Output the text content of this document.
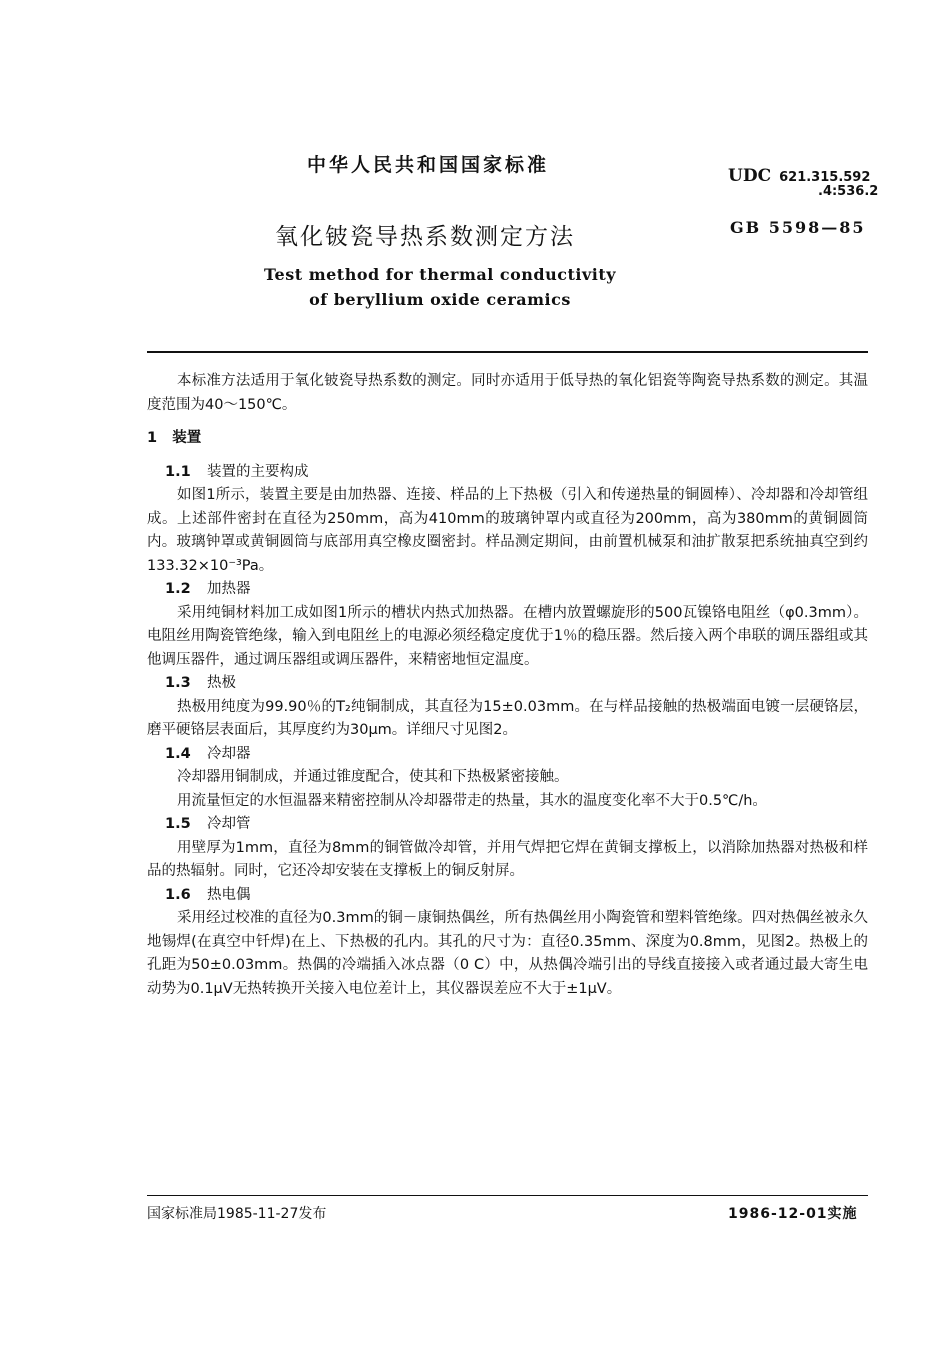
中华人民共和国国家标准	UDC 621.315.592
.4:536.2
氧化铍瓷导热系数测定方法	GB 5598—85
Test method for thermal conductivity
of beryllium oxide ceramics

本标准方法适用于氧化铍瓷导热系数的测定。同时亦适用于低导热的氧化铝瓷等陶瓷导热系数的测定。其温度范围为40～150℃。

1 装置

1.1 装置的主要构成

如图1所示，装置主要是由加热器、连接、样品的上下热极（引入和传递热量的铜圆棒）、冷却器和冷却管组成。上述部件密封在直径为250mm，高为410mm的玻璃钟罩内或直径为200mm，高为380mm的黄铜圆筒内。玻璃钟罩或黄铜圆筒与底部用真空橡皮圈密封。样品测定期间，由前置机械泵和油扩散泵把系统抽真空到约133.32×10⁻³Pa。

1.2 加热器

采用纯铜材料加工成如图1所示的槽状内热式加热器。在槽内放置螺旋形的500瓦镍铬电阻丝（φ0.3mm）。电阻丝用陶瓷管绝缘，输入到电阻丝上的电源必须经稳定度优于1％的稳压器。然后接入两个串联的调压器组或其他调压器件，通过调压器组或调压器件，来精密地恒定温度。

1.3 热极

热极用纯度为99.90％的T₂纯铜制成，其直径为15±0.03mm。在与样品接触的热极端面电镀一层硬铬层，磨平硬铬层表面后，其厚度约为30μm。详细尺寸见图2。

1.4 冷却器

冷却器用铜制成，并通过锥度配合，使其和下热极紧密接触。

用流量恒定的水恒温器来精密控制从冷却器带走的热量，其水的温度变化率不大于0.5℃/h。

1.5 冷却管

用壁厚为1mm，直径为8mm的铜管做冷却管，并用气焊把它焊在黄铜支撑板上，以消除加热器对热极和样品的热辐射。同时，它还冷却安装在支撑板上的铜反射屏。

1.6 热电偶

采用经过校准的直径为0.3mm的铜－康铜热偶丝，所有热偶丝用小陶瓷管和塑料管绝缘。四对热偶丝被永久地锡焊(在真空中钎焊)在上、下热极的孔内。其孔的尺寸为：直径0.35mm、深度为0.8mm，见图2。热极上的孔距为50±0.03mm。热偶的冷端插入冰点器（0 C）中，从热偶冷端引出的导线直接接入或者通过最大寄生电动势为0.1μV无热转换开关接入电位差计上，其仪器误差应不大于±1μV。

国家标准局1985-11-27发布	1986-12-01实施
